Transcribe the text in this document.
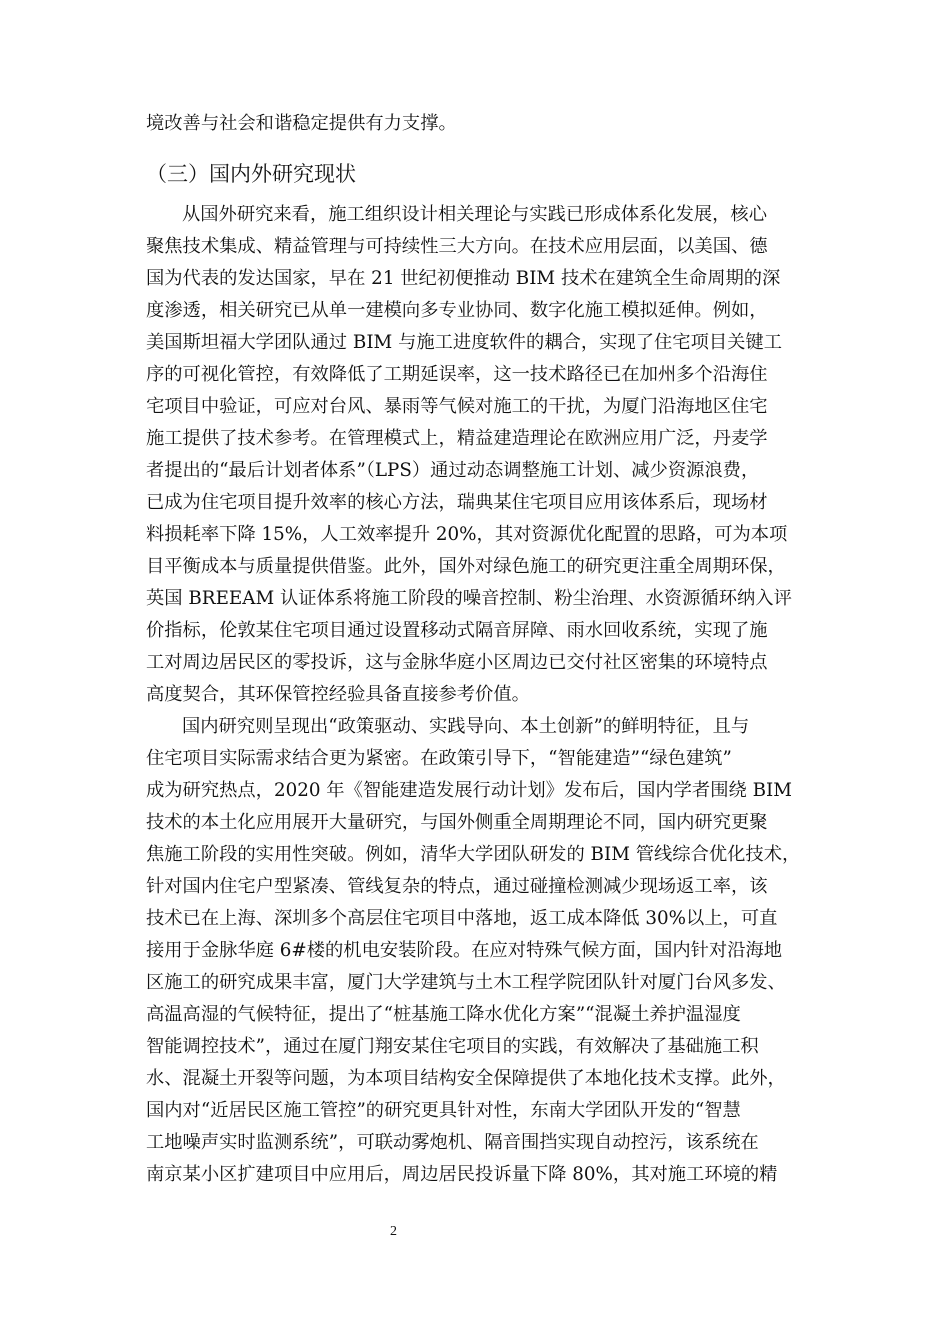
境改善与社会和谐稳定提供有力支撑。
（三）国内外研究现状
从国外研究来看，施工组织设计相关理论与实践已形成体系化发展，核心
聚焦技术集成、精益管理与可持续性三大方向。在技术应用层面，以美国、德
国为代表的发达国家，早在 21 世纪初便推动 BIM 技术在建筑全生命周期的深
度渗透，相关研究已从单一建模向多专业协同、数字化施工模拟延伸。例如，
美国斯坦福大学团队通过 BIM 与施工进度软件的耦合，实现了住宅项目关键工
序的可视化管控，有效降低了工期延误率，这一技术路径已在加州多个沿海住
宅项目中验证，可应对台风、暴雨等气候对施工的干扰，为厦门沿海地区住宅
施工提供了技术参考。在管理模式上，精益建造理论在欧洲应用广泛，丹麦学
者提出的“最后计划者体系”（LPS）通过动态调整施工计划、减少资源浪费，
已成为住宅项目提升效率的核心方法，瑞典某住宅项目应用该体系后，现场材
料损耗率下降 15%，人工效率提升 20%，其对资源优化配置的思路，可为本项
目平衡成本与质量提供借鉴。此外，国外对绿色施工的研究更注重全周期环保，
英国 BREEAM 认证体系将施工阶段的噪音控制、粉尘治理、水资源循环纳入评
价指标，伦敦某住宅项目通过设置移动式隔音屏障、雨水回收系统，实现了施
工对周边居民区的零投诉，这与金脉华庭小区周边已交付社区密集的环境特点
高度契合，其环保管控经验具备直接参考价值。
国内研究则呈现出“政策驱动、实践导向、本土创新”的鲜明特征，且与
住宅项目实际需求结合更为紧密。在政策引导下，“智能建造”“绿色建筑”
成为研究热点，2020 年《智能建造发展行动计划》发布后，国内学者围绕 BIM
技术的本土化应用展开大量研究，与国外侧重全周期理论不同，国内研究更聚
焦施工阶段的实用性突破。例如，清华大学团队研发的 BIM 管线综合优化技术，
针对国内住宅户型紧凑、管线复杂的特点，通过碰撞检测减少现场返工率，该
技术已在上海、深圳多个高层住宅项目中落地，返工成本降低 30%以上，可直
接用于金脉华庭 6#楼的机电安装阶段。在应对特殊气候方面，国内针对沿海地
区施工的研究成果丰富，厦门大学建筑与土木工程学院团队针对厦门台风多发、
高温高湿的气候特征，提出了“桩基施工降水优化方案”“混凝土养护温湿度
智能调控技术”，通过在厦门翔安某住宅项目的实践，有效解决了基础施工积
水、混凝土开裂等问题，为本项目结构安全保障提供了本地化技术支撑。此外，
国内对“近居民区施工管控”的研究更具针对性，东南大学团队开发的“智慧
工地噪声实时监测系统”，可联动雾炮机、隔音围挡实现自动控污，该系统在
南京某小区扩建项目中应用后，周边居民投诉量下降 80%，其对施工环境的精
2
